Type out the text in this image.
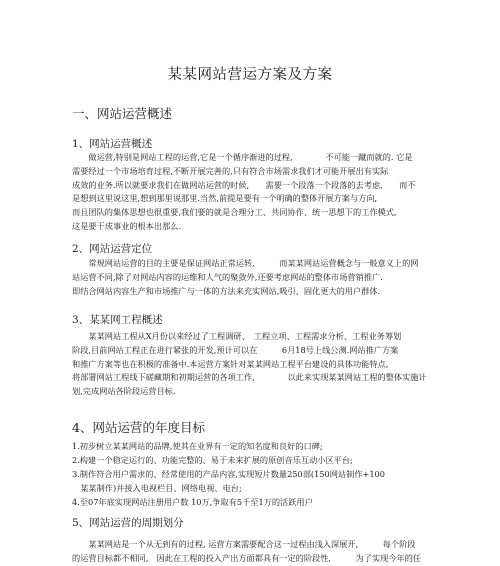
某某网站营运方案及方案
一、网站运营概述
1、网站运营概述

　　做运营,特别是网站工程的运营,它是一个循序渐进的过程,　　　　不可能一蹴而就的. 它是
需要经过一个市场培育过程,不断开展完善的,只有符合市场需求我们才可能开展出有实际
成效的业务.所以就要求我们在做网站运营的时候,　　需要一个段落一个段落的去考虑,　　而不
是想到这里说这里,想到那里说那里.当然,前提是要有一个明确的整体开展方案与方向,
而且团队的集体思想也很重要,我们要的就是合理分工、共同协作、统一思想下的工作模式,
这是要干成事业的根本出那么.

2、网站运营定位

　　常规网站运营的目的主要是保证网站正常运转,　　　而某某网站运营概念与一般意义上的网
站运营不同,除了对网站内容的运维和人气的聚敛外,还要考虑网站的整体市场营销推广.
即结合网站内容生产和市场推广与一体的方法来充实网站,吸引、固化更大的用户群体.

3、某某网工程概述

　　某某网站工程从X月份以来经过了工程调研、　工程立项、工程需求分析、工程业务筹划
阶段,目前网站工程正在进行紧张的开发,预计可以在　　　6月18号上线公测.网站推广方案
和推广方案等也在积极的准备中.本运营方案针对某某网站工程平台建设的具体功能特点,
将部署网站工程线下磋藏期和初期运营的各项工作,　　　　以此来实现某某网站工程的整体实施计
划,完成网站各阶段运营目标.

4、网站运营的年度目标
1.初步树立某某网站的品牌,使其在业界有一定的知名度和良好的口碑;
2.构建一个稳定运行的、功能完整的、易于未来扩展的原创音乐互动小区平台;
3.制作符合用户需求的、经常使用的产品内容,实现短片数量250部(150网站制作+100
　某某制作)并接入电视栏目、网络电视、电台;
4.至07年底实现网站注册用户数 10万,争取有5千至1万的活跃用户
5、网站运营的周期划分

　　某某网站是一个从无到有的过程, 运营方案需要配合这一过程由浅入深展开,　　　每个阶段
的运营目标都不相同,　因此在工程的投入产出方面都具有一定的阶段性,　　　为了实现今年的任
